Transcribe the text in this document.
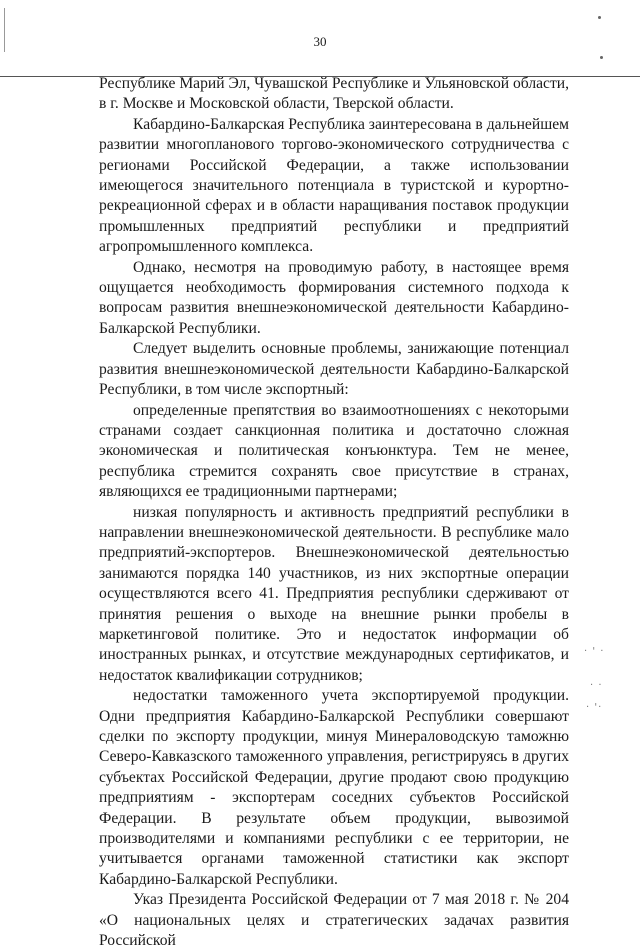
30

Республике Марий Эл, Чувашской Республике и Ульяновской области, в г. Москве и Московской области, Тверской области.

Кабардино-Балкарская Республика заинтересована в дальнейшем развитии многопланового торгово-экономического сотрудничества с регионами Российской Федерации, а также использовании имеющегося значительного потенциала в туристской и курортно-рекреационной сферах и в области наращивания поставок продукции промышленных предприятий республики и предприятий агропромышленного комплекса.

Однако, несмотря на проводимую работу, в настоящее время ощущается необходимость формирования системного подхода к вопросам развития внешнеэкономической деятельности Кабардино-Балкарской Республики.

Следует выделить основные проблемы, занижающие потенциал развития внешнеэкономической деятельности Кабардино-Балкарской Республики, в том числе экспортный:

определенные препятствия во взаимоотношениях с некоторыми странами создает санкционная политика и достаточно сложная экономическая и политическая конъюнктура. Тем не менее, республика стремится сохранять свое присутствие в странах, являющихся ее традиционными партнерами;

низкая популярность и активность предприятий республики в направлении внешнеэкономической деятельности. В республике мало предприятий-экспортеров. Внешнеэкономической деятельностью занимаются порядка 140 участников, из них экспортные операции осуществляются всего 41. Предприятия республики сдерживают от принятия решения о выходе на внешние рынки пробелы в маркетинговой политике. Это и недостаток информации об иностранных рынках, и отсутствие международных сертификатов, и недостаток квалификации сотрудников;

недостатки таможенного учета экспортируемой продукции. Одни предприятия Кабардино-Балкарской Республики совершают сделки по экспорту продукции, минуя Минераловодскую таможню Северо-Кавказского таможенного управления, регистрируясь в других субъектах Российской Федерации, другие продают свою продукцию предприятиям - экспортерам соседних субъектов Российской Федерации. В результате объем продукции, вывозимой производителями и компаниями республики с ее территории, не учитывается органами таможенной статистики как экспорт Кабардино-Балкарской Республики.

Указ Президента Российской Федерации от 7 мая 2018 г. № 204 «О национальных целях и стратегических задачах развития Российской

· ' ·
· ·
· '·
